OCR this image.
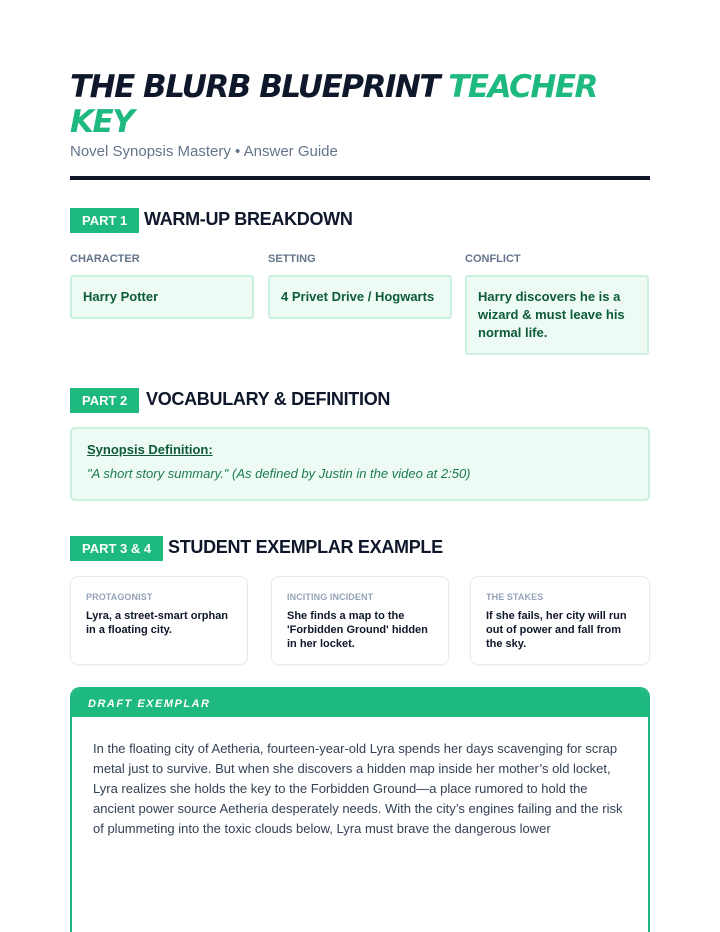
THE BLURB BLUEPRINT TEACHER KEY
Novel Synopsis Mastery • Answer Guide
PART 1 WARM-UP BREAKDOWN
CHARACTER	SETTING	CONFLICT
Harry Potter	4 Privet Drive / Hogwarts	Harry discovers he is a wizard & must leave his normal life.
PART 2	VOCABULARY & DEFINITION
Synopsis Definition:
"A short story summary." (As defined by Justin in the video at 2:50)
PART 3 & 4 STUDENT EXEMPLAR EXAMPLE
PROTAGONIST
Lyra, a street-smart orphan in a floating city.
INCITING INCIDENT
She finds a map to the 'Forbidden Ground' hidden in her locket.
THE STAKES
If she fails, her city will run out of power and fall from the sky.
DRAFT EXEMPLAR
In the floating city of Aetheria, fourteen-year-old Lyra spends her days scavenging for scrap metal just to survive. But when she discovers a hidden map inside her mother’s old locket, Lyra realizes she holds the key to the Forbidden Ground—a place rumored to hold the ancient power source Aetheria desperately needs. With the city’s engines failing and the risk of plummeting into the toxic clouds below, Lyra must brave the dangerous lower
